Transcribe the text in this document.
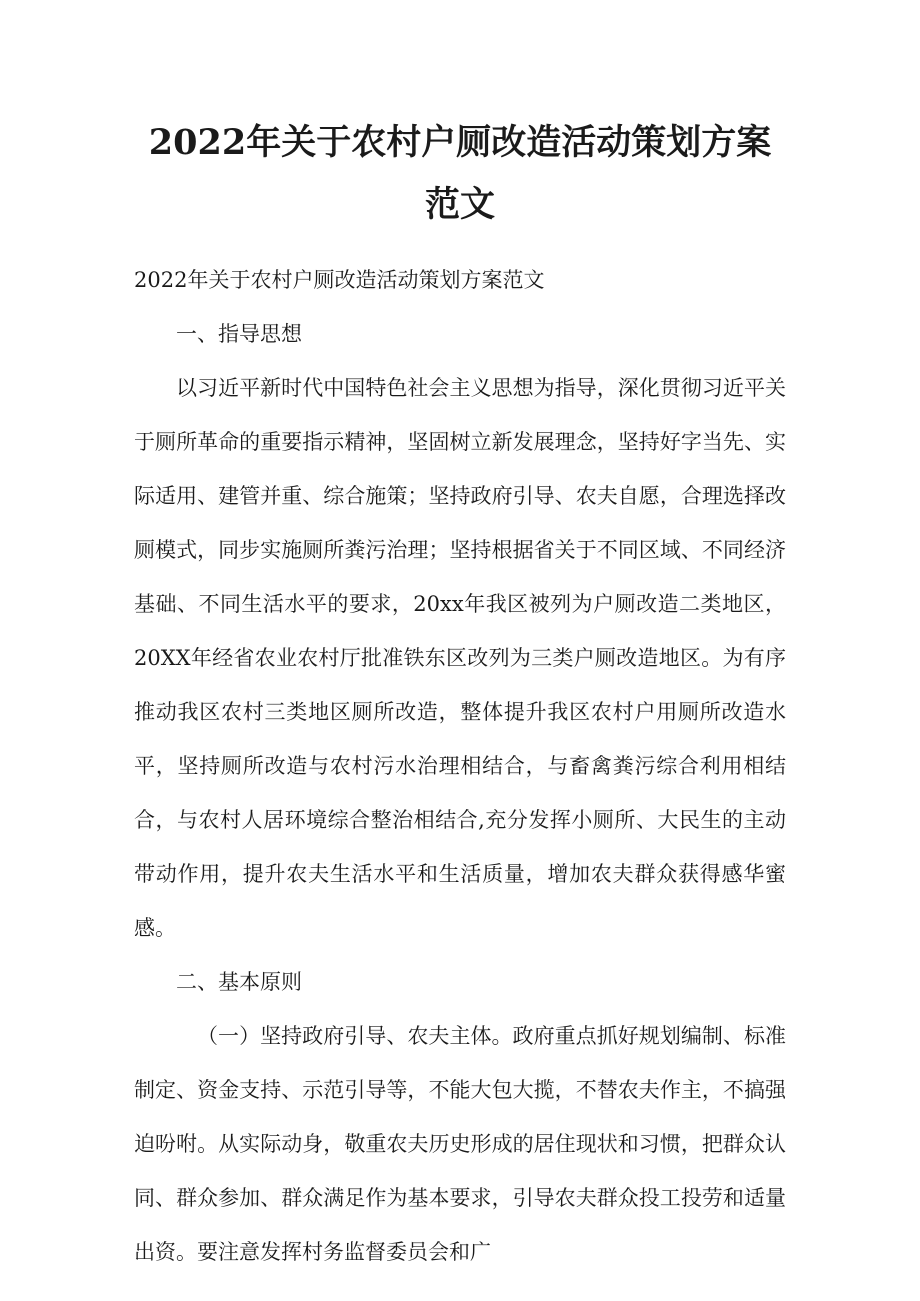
2022年关于农村户厕改造活动策划方案范文

2022年关于农村户厕改造活动策划方案范文

一、指导思想

以习近平新时代中国特色社会主义思想为指导，深化贯彻习近平关于厕所革命的重要指示精神，坚固树立新发展理念，坚持好字当先、实际适用、建管并重、综合施策；坚持政府引导、农夫自愿，合理选择改厕模式，同步实施厕所粪污治理；坚持根据省关于不同区域、不同经济基础、不同生活水平的要求，20xx年我区被列为户厕改造二类地区，20XX年经省农业农村厅批准铁东区改列为三类户厕改造地区。为有序推动我区农村三类地区厕所改造，整体提升我区农村户用厕所改造水平，坚持厕所改造与农村污水治理相结合，与畜禽粪污综合利用相结合，与农村人居环境综合整治相结合,充分发挥小厕所、大民生的主动带动作用，提升农夫生活水平和生活质量，增加农夫群众获得感华蜜感。

二、基本原则

（一）坚持政府引导、农夫主体。政府重点抓好规划编制、标准制定、资金支持、示范引导等，不能大包大揽，不替农夫作主，不搞强迫吩咐。从实际动身，敬重农夫历史形成的居住现状和习惯，把群众认同、群众参加、群众满足作为基本要求，引导农夫群众投工投劳和适量出资。要注意发挥村务监督委员会和广
